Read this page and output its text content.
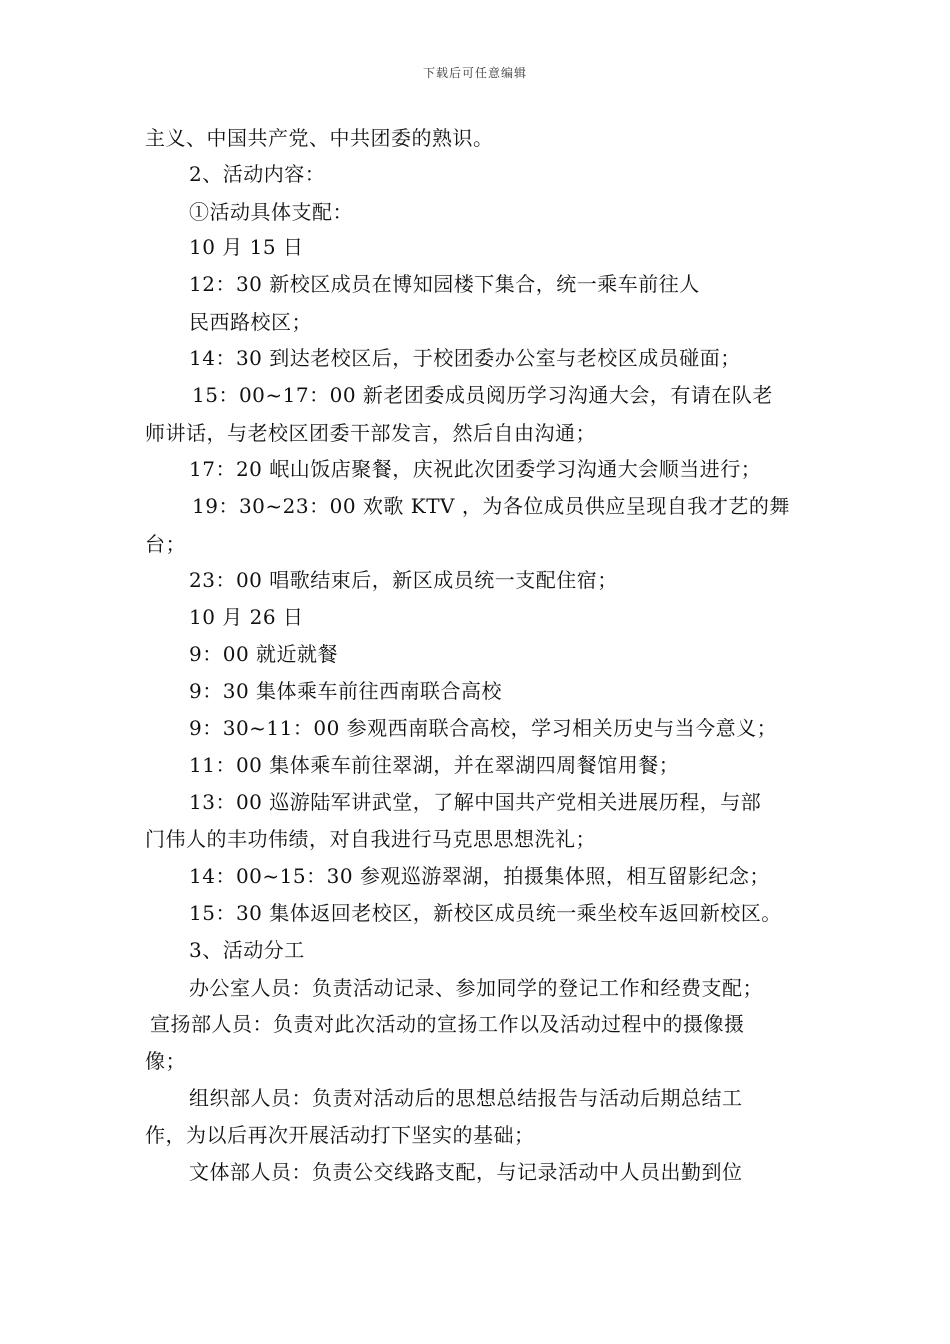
下载后可任意编辑
主义、中国共产党、中共团委的熟识。
2、活动内容：
①活动具体支配：
10 月 15 日
12：30 新校区成员在博知园楼下集合，统一乘车前往人
民西路校区；
14：30 到达老校区后，于校团委办公室与老校区成员碰面；
15：00~17：00 新老团委成员阅历学习沟通大会，有请在队老
师讲话，与老校区团委干部发言，然后自由沟通；
17：20 岷山饭店聚餐，庆祝此次团委学习沟通大会顺当进行；
19：30~23：00 欢歌 KTV ，为各位成员供应呈现自我才艺的舞
台；
23：00 唱歌结束后，新区成员统一支配住宿；
10 月 26 日
9：00 就近就餐
9：30 集体乘车前往西南联合高校
9：30~11：00 参观西南联合高校，学习相关历史与当今意义；
11：00 集体乘车前往翠湖，并在翠湖四周餐馆用餐；
13：00 巡游陆军讲武堂，了解中国共产党相关进展历程，与部
门伟人的丰功伟绩，对自我进行马克思思想洗礼；
14：00~15：30 参观巡游翠湖，拍摄集体照，相互留影纪念；
15：30 集体返回老校区，新校区成员统一乘坐校车返回新校区。
3、活动分工
办公室人员：负责活动记录、参加同学的登记工作和经费支配；
宣扬部人员：负责对此次活动的宣扬工作以及活动过程中的摄像摄
像；
组织部人员：负责对活动后的思想总结报告与活动后期总结工
作，为以后再次开展活动打下坚实的基础；
文体部人员：负责公交线路支配，与记录活动中人员出勤到位
